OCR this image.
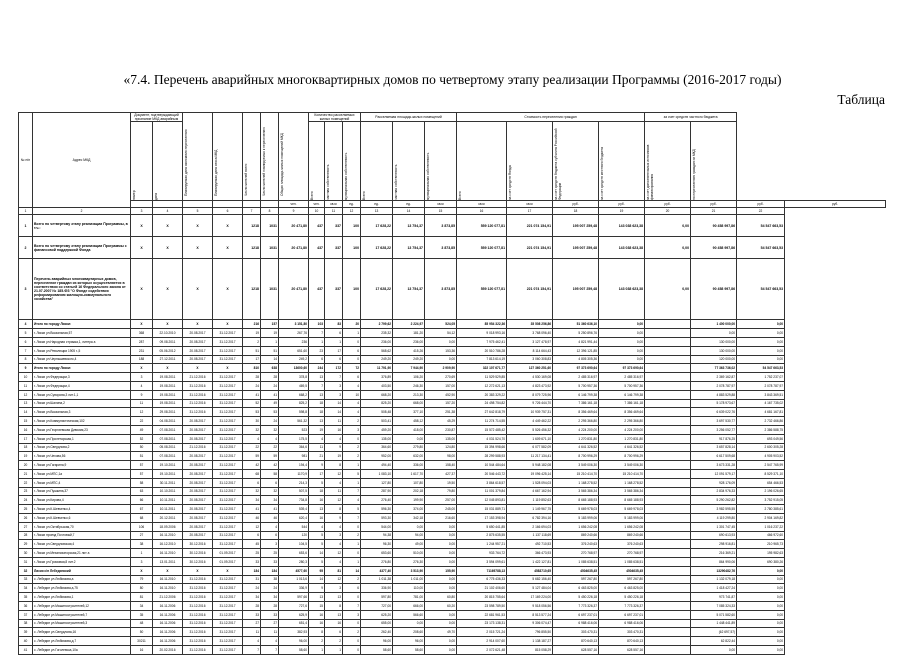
«7.4. Перечень аварийных многоквартирных домов по четвертому этапу реализации Программы (2016-2017 годы)
Таблица
№ п/п	Адрес МКД	Документ, подтверждающий признание МКД аварийным		Планируемая дата окончания переселения	Планируемая дата сноса МКД	Число жителей всего	Число жителей планируемых к переселению	Общая площадь жилых помещений МКД	Количество расселяемых жилых помещений			Расселяемая площадь жилых помещений			Стоимость переселения граждан				за счет средств частного бюджета			

		номер	дата						Всего	частная собственность	муниципальная собственность	Всего	частная собственность	муниципальная собственность	Всего	за счет средств Фонда	за счет средств бюджета субъекта Российской Федерации	за счет средств местного бюджета	за счет дополнительных источников финансирования	по переселению граждан из МКД		

								чел.	чел.	кв.м	ед.	ед.	ед.	кв.м	кв.м	кв.м	руб.	руб.	руб.	руб.	руб.	руб.
1	2	3	4	5	6	7	8	9	10	11	12	13	14	15	16	17	18	19	20	21	22	
1	Всего по четвертому этапу реализации Программы, в т.ч.:	X	X	X	X	1218	1031	20 471,80	437	337	100	17 628,22	13 754,37	3 873,85	559 120 077,81	221 074 154,91	195 007 259,48	143 038 623,38	0,00	90 458 997,86	54 547 663,53	
2	Всего по четвертому этапу реализации Программы с финансовой поддержкой Фонда	X	X	X	X	1218	1031	20 471,80	437	337	100	17 628,22	13 754,37	3 873,85	559 120 077,81	221 074 154,91	195 007 259,48	143 038 623,38	0,00	90 458 997,86	54 547 663,53	
3	Перечень аварийных многоквартирных домов, переселение граждан из которых осуществляется в соответствии со статьей 16 Федерального закона от 21.07.2007 № 185-ФЗ "О Фонде содействия реформированию жилищно-коммунального хозяйства"	X	X	X	X	1218	1031	20 471,80	437	337	100	17 628,22	13 754,37	3 873,85	559 120 077,81	221 074 154,91	195 007 259,48	143 038 623,38	0,00	90 458 997,86	54 547 663,53	
4	Итого по городу Лиски:	X	X	X	X	216	157	3 151,80	103	83	20	2 799,62	2 224,97	524,05	85 954 322,36	35 508 256,86	51 360 636,10	0,00		1 400 000,00	0,00	
5	г. Лиски ул.Вокзальная,57	368	22.10.2010	20.08.2017	31.12.2017	19	19	267,76	7	6	1	235,32	181,20	54,12	9 018 993,16	3 768 096,40	5 250 896,76	0,00		0,00	0,00	
6	г. Лиски ул.Народная стрижка,1, литера а	287	09.08.2011	20.08.2017	31.12.2017	2	1	236	1	1	0	236,00	236,00	0,00	7 975 462,41	3 127 478,97	4 821 991,44	0,00		130 000,00	0,00	
7	г. Лиски ул.Революции 1905 г.,5	231	05.06.2012	20.08.2017	31.12.2017	51	51	651,60	23	17	6	568,62	415,26	153,36	20 510 786,28	8 114 664,43	12 396 121,85	0,00		130 000,00	0,00	
8	г. Лиски ул.Чернышевского,4	188	27.12.2011	20.08.2017	31.12.2017	17	14	249,2	6	6	0	249,20	249,20	0,00	7 813 614,19	3 060 308,83	4 805 305,36	0,00		120 000,00	0,00	
9	Итого по городу Лиски:	X	X	X	X	810	638	13600,60	244	172	72	11 791,90	7 944,90	2 909,90	322 107 671,77	127 360 251,60	97 373 690,64	97 373 690,64		77 363 736,02	54 547 663,53	
10	г. Лиски ул.Федерации,3	3	19.08.2011	21.12.2016	31.12.2017	28	28	378,8	13	7	6	376,89	106,20	270,69	11 529 529,85	4 530 169,08	2 485 316,97	2 485 316,97		2 369 162,87	1 752 237,07	
11	г. Лиски ул.Федерации,4	4	19.08.2011	31.12.2016	31.12.2017	24	24	469,5	7	3	4	403,50	246,30	157,00	12 272 621,13	4 823 473,92	5 700 957,36	5 700 957,36		2 078 787,97	2 078 787,97	
12	г. Лиски ул.Суворова,3 лит.1,1	9	19.08.2011	31.12.2016	31.12.2017	41	41	668,2	13	3	10	668,20	213,30	452,90	20 383 329,22	8 079 725,96	6 146 799,38	6 146 799,38		4 883 529,88	3 843 369,51	
13	г. Лиски ул.Шалина,2	11	19.08.2011	21.12.2016	31.12.2017	52	49	825,2	18	14	4	825,20	668,00	157,20	24 498 754,82	9 726 444,70	7 386 161,18	7 386 161,18		5 178 973,67	4 167 735,02	
14	г. Лиски ул.Вокзальная,3	12	29.08.2011	31.12.2016	31.12.2017	53	53	598,8	18	14	4	508,48	377,10	251,38	27 642 818,79	10 939 757,31	8 356 469,64	8 356 469,64		6 639 022,76	4 681 167,81	
15	г. Лиски ул.Коммунистическая,102	22	04.08.2011	20.08.2017	31.12.2017	30	24	561,32	13	11	2	503,41	458,12	45,29	11 274 714,55	4 449 462,22	2 295 366,80	2 295 366,80		3 697 530,77	2 732 466,86	
16	г. Лиски ул.Георгиевская Дивизия,23	49	07.08.2011	20.08.2017	31.12.2017	32	32	523	19	16	3	459,20	418,00	230,87	15 572 485,42	5 526 456,32	4 224 200,00	4 224 200,00		3 256 052,77	2 386 588,75	
17	г. Лиски ул.Пролетарская,1	52	07.08.2011	20.08.2017	31.12.2017	4	4	175,5	4	4	0	135,00	0,00	135,00	4 031 524,70	1 609 671,10	1 270 831,80	1 270 831,80		917 876,25	693 049,56	
18	г. Лиски ул.Свердлова,2	50	05.08.2011	21.12.2016	31.12.2017	22	22	364,6	11	9	2	364,60	279,80	124,80	15 394 998,66	6 077 582,09	4 641 326,52	4 641 326,52		3 657 828,14	2 600 305,28	
19	г. Лиски ул.Чехова,56	51	07.08.2011	20.08.2017	31.12.2017	59	59	981	21	19	2	952,00	632,00	98,00	28 299 588,93	11 217 134,41	8 700 996,29	8 700 996,29		6 617 509,68	4 905 903,52	
20	г. Лиски ул.Гагарина,9	57	19.10.2011	20.08.2017	31.12.2017	42	42	194,4	9	8	1	494,40	336,00	158,40	10 544 484,64	5 948 182,08	3 549 006,30	3 549 006,30		3 673 331,28	2 547 765,99	
21	г. Лиски ул.МПС,1а	57	19.10.2011	20.08.2017	31.12.2017	68	58	1170,9	17	12	5	1 083,10	1 617,70	427,37	20 546 443,72	19 096 425,14	15 210 414,70	15 210 414,70		12 091 579,17	8 529 371,10	
22	г. Лиски ул.МПС,4	58	30.11.2011	20.08.2017	31.12.2017	6	6	214,3	5	4	1	127,80	107,80	19,50	3 864 618,57	1 528 094,03	1 168 278,52	1 168 278,52		928 176,09	654 466,53	
23	г. Лиски ул.Пушкина,37	63	10.10.2011	20.08.2017	31.12.2017	32	32	507,5	18	11	7	287,90	202,18	79,80	11 001 379,84	4 667 162,94	3 565 386,34	3 565 386,34		2 834 976,33	2 196 026,65	
24	г. Лиски ул.Кирова,4	66	10.11.2011	20.08.2017	31.12.2017	34	34	734,8	16	12	4	276,40	199,90	257,00	12 045 893,81	1 119 852,63	8 665 188,93	8 665 188,93		5 290 262,82	3 752 915,05	
25	г. Лиски ул.К.Шевченко,4	67	10.11.2011	20.08.2017	31.12.2017	41	41	539,4	13	8	5	596,30	374,00	245,00	15 031 889,71	1 149 967,75	5 669 978,03	5 669 978,03		3 982 595,55	2 780 385,61	
26	г. Лиски ул.К.Шевченко,6	68	20.12.2011	20.08.2017	31.12.2017	46	46	620,4	16	9	7	593,30	342,18	216,60	17 153 398,94	6 782 394,16	5 183 999,06	5 183 999,06		4 119 299,80	2 904 169,82	
27	г. Лиски ул.Октябрьская,70	106	18.09.2006	20.08.2017	31.12.2017	12	4	544	4	4	0	544,00	0,00	0,00	5 650 441,85	2 166 694,03	1 656 242,08	1 656 242,08		1 301 747,45	1 016 237,22	
28	г. Лиски проезд Почтовый,7	27	16.11.2010	20.08.2017	31.12.2017	6	6	120	5	3	2	94,38	94,00	0,00	2 875 635,55	1 137 118,69	869 240,66	869 240,66		690 613,93	466 972,60	
29	г. Лиски ул.Свердловская,4	38	16.12.2010	30.12.2016	31.12.2017	45	3	104,5	5	4	1	96,30	49,00	0,00	1 244 957,21	492 710,53	376 240,63	376 240,63		298 916,81	210 965,73	
30	г. Лиски ул.Механизаторская,21 лит а	1	16.11.2010	30.12.2016	01.09.2017	25	25	653,6	14	12	0	653,60	510,00	0,00	933 764,72	366 473,93	270 768,97	270 768,97		216 369,21	195 982,63	
31	г. Лиски ул.Громовая,8 лит.2	3	13.01.2011	30.12.2016	01.09.2017	33	33	280,3	5	4	1	276,80	276,30	0,00	3 594 099,61	1 422 127,81	1 085 638,51	1 085 638,51		864 990,06	690 380,26	
32	Лиски с/п Лебединский	X	X	X	X	184	184	4577,60	95	81	14	4377,40	3 513,90	155,90	71169788,13	4583710,65	4504635,45	4504635,45		13290482,76	0,00	
33	с. Лебедин ул.Любимова,а	79	16.11.2010	31.12.2016	31.12.2017	31	38	1 013,6	14	12	2	1 011,38	1 011,00	0,00	6 775 436,33	5 682 156,40	597 267,80	597 267,80		1 132 079,18	0,00	
34	с. Лебедин ул.Любимова,а,75	80	16.11.2010	31.12.2016	31.12.2017	24	24	336,9	9	3	6	336,90	110,00	0,00	21 102 406,60	5 127 484,04	6 463 825,00	6 463 825,00		1 418 427,24	0,00	
35	с. Лебедин ул.Любимова,1	81	21.12.2006	31.12.2016	31.12.2017	34	34	597,66	13	13	0	597,80	781,00	60,80	20 815 755,64	17 169 224,00	5 450 226,18	5 450 226,18		973 741,87	0,00	
36	с. Лебедин ул.Машиностроителей,12	34	16.11.2006	31.12.2016	31.12.2017	28	28	727,6	15	8	7	727,00	666,00	60,20	23 598 789,50	9 518 056,56	7 773 326,37	7 773 326,37		7 085 324,33	0,00	
37	с. Лебедин ул.Машиностроителей,7	35	16.11.2006	31.12.2016	31.12.2017	33	33	625,9	16	13	3	625,20	566,60	0,00	22 681 961,53	8 513 577,24	6 697 237,01	6 697 237,01		5 071 582,60	0,00	
38	с. Лебедин ул.Машиностроителей,3	48	16.11.2006	31.12.2016	31.12.2017	27	27	651,4	16	16	0	655,00	0,00	0,00	23 173 138,31	9 306 074,47	6 988 416,06	6 988 416,06		1 448 441,89	0,00	
39	с. Лебедин ул.Свердлова,16	50	16.11.2006	31.12.2016	31.12.2017	11	11	382,93	8	6	2	262,40	208,60	49,70	2 015 721,24	796 855,50	303 470,31	303 470,31		(62 697,57)	0,00	
40	с. Лебедин ул.Любимова,д.7	30211	16.11.2006	31.12.2016	31.12.2017	4	4	96,00	2	2	0	96,00	96,00	0,00	2 914 007,60	1 138 187,27	870 640,13	870 640,13		62 822,44	0,00	
41	с. Лебедин ул.Гоголевска,10а	16	20.02.2016	31.12.2016	31.12.2017	7	7	58,60	1	1	0	58,60	58,60	0,00	2 072 621,48	815 058,29	628 557,16	628 557,16		0,00	0,00	
